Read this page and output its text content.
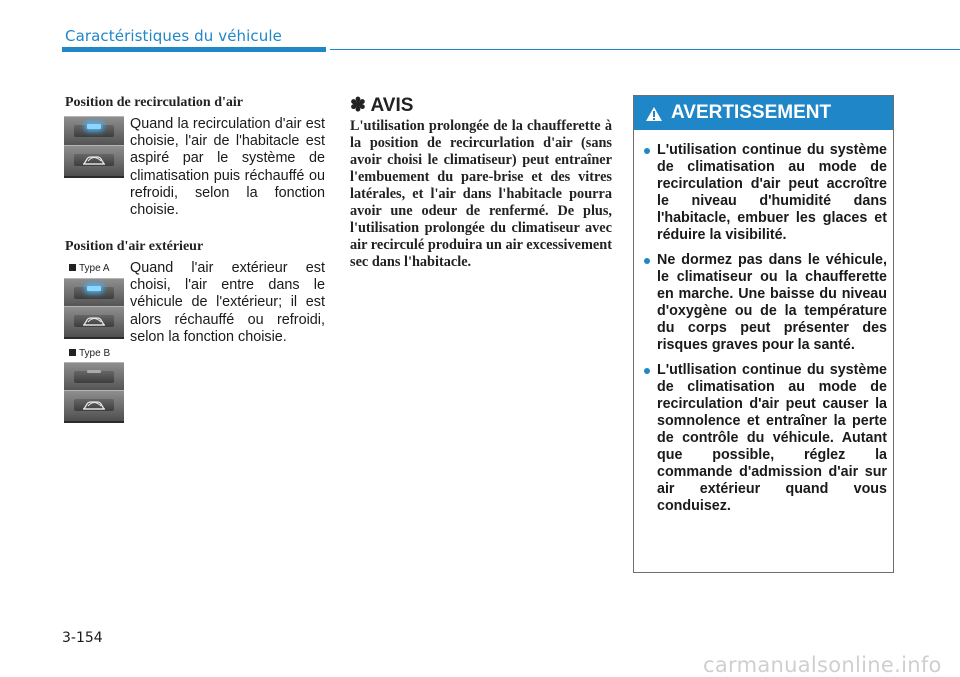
Caractéristiques du véhicule
Position de recirculation d'air
Quand la recirculation d'air est choisie, l'air de l'habitacle est aspiré par le système de climatisation puis réchauffé ou refroidi, selon la fonction choisie.
Position d'air extérieur
Type A
Type B
Quand l'air extérieur est choisi, l'air entre dans le véhicule de l'extérieur; il est alors réchauffé ou refroidi, selon la fonction choisie.
✽ AVIS
L'utilisation prolongée de la chaufferette à la position de recircurlation d'air (sans avoir choisi le climatiseur) peut entraîner l'embuement du pare-brise et des vitres latérales, et l'air dans l'habitacle pourra avoir une odeur de renfermé. De plus, l'utilisation prolongée du climatiseur avec air recirculé produira un air excessivement sec dans l'habitacle.
AVERTISSEMENT
L'utilisation continue du système de climatisation au mode de recirculation d'air peut accroître le niveau d'humidité dans l'habitacle, embuer les glaces et réduire la visibilité.
Ne dormez pas dans le véhicule, le climatiseur ou la chaufferette en marche. Une baisse du niveau d'oxygène ou de la température du corps peut présenter des risques graves pour la santé.
L'utllisation continue du système de climatisation au mode de recirculation d'air peut causer la somnolence et entraîner la perte de contrôle du véhicule. Autant que possible, réglez la commande d'admission d'air sur air extérieur quand vous conduisez.
3-154
carmanualsonline.info
